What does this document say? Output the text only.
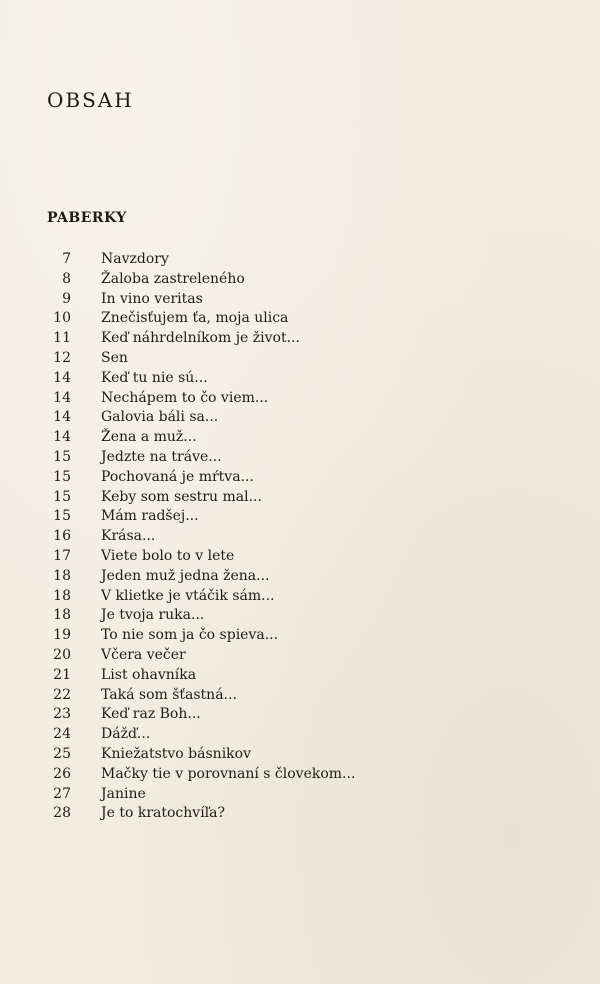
OBSAH
PABERKY
7 Navzdory
8 Žaloba zastreleného
9 In vino veritas
10 Znečisťujem ťa, moja ulica
11 Keď náhrdelníkom je život...
12 Sen
14 Keď tu nie sú...
14 Nechápem to čo viem...
14 Galovia báli sa...
14 Žena a muž...
15 Jedzte na tráve...
15 Pochovaná je mŕtva...
15 Keby som sestru mal...
15 Mám radšej...
16 Krása...
17 Viete bolo to v lete
18 Jeden muž jedna žena...
18 V klietke je vtáčik sám...
18 Je tvoja ruka...
19 To nie som ja čo spieva...
20 Včera večer
21 List ohavníka
22 Taká som šťastná...
23 Keď raz Boh...
24 Dážď...
25 Kniežatstvo básnikov
26 Mačky tie v porovnaní s človekom...
27 Janine
28 Je to kratochvíľa?
